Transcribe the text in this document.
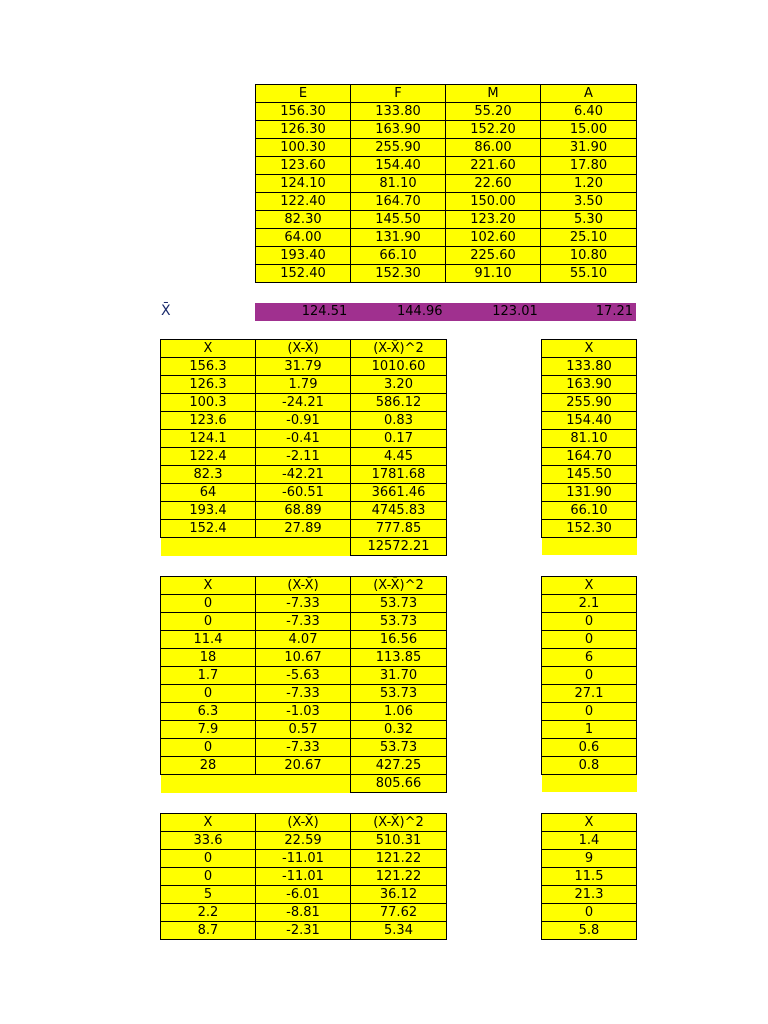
E	F	M	A
156.30	133.80	55.20	6.40
126.30	163.90	152.20	15.00
100.30	255.90	86.00	31.90
123.60	154.40	221.60	17.80
124.10	81.10	22.60	1.20
122.40	164.70	150.00	3.50
82.30	145.50	123.20	5.30
64.00	131.90	102.60	25.10
193.40	66.10	225.60	10.80
152.40	152.30	91.10	55.10
X̄	124.51	144.96	123.01	17.21
X	(X-X̄)	(X-X̄)^2
156.3	31.79	1010.60
126.3	1.79	3.20
100.3	-24.21	586.12
123.6	-0.91	0.83
124.1	-0.41	0.17
122.4	-2.11	4.45
82.3	-42.21	1781.68
64	-60.51	3661.46
193.4	68.89	4745.83
152.4	27.89	777.85
		12572.21
X
133.80
163.90
255.90
154.40
81.10
164.70
145.50
131.90
66.10
152.30

X	(X-X̄)	(X-X̄)^2
0	-7.33	53.73
0	-7.33	53.73
11.4	4.07	16.56
18	10.67	113.85
1.7	-5.63	31.70
0	-7.33	53.73
6.3	-1.03	1.06
7.9	0.57	0.32
0	-7.33	53.73
28	20.67	427.25
		805.66
X
2.1
0
0
6
0
27.1
0
1
0.6
0.8

X	(X-X̄)	(X-X̄)^2
33.6	22.59	510.31
0	-11.01	121.22
0	-11.01	121.22
5	-6.01	36.12
2.2	-8.81	77.62
8.7	-2.31	5.34
X
1.4
9
11.5
21.3
0
5.8
